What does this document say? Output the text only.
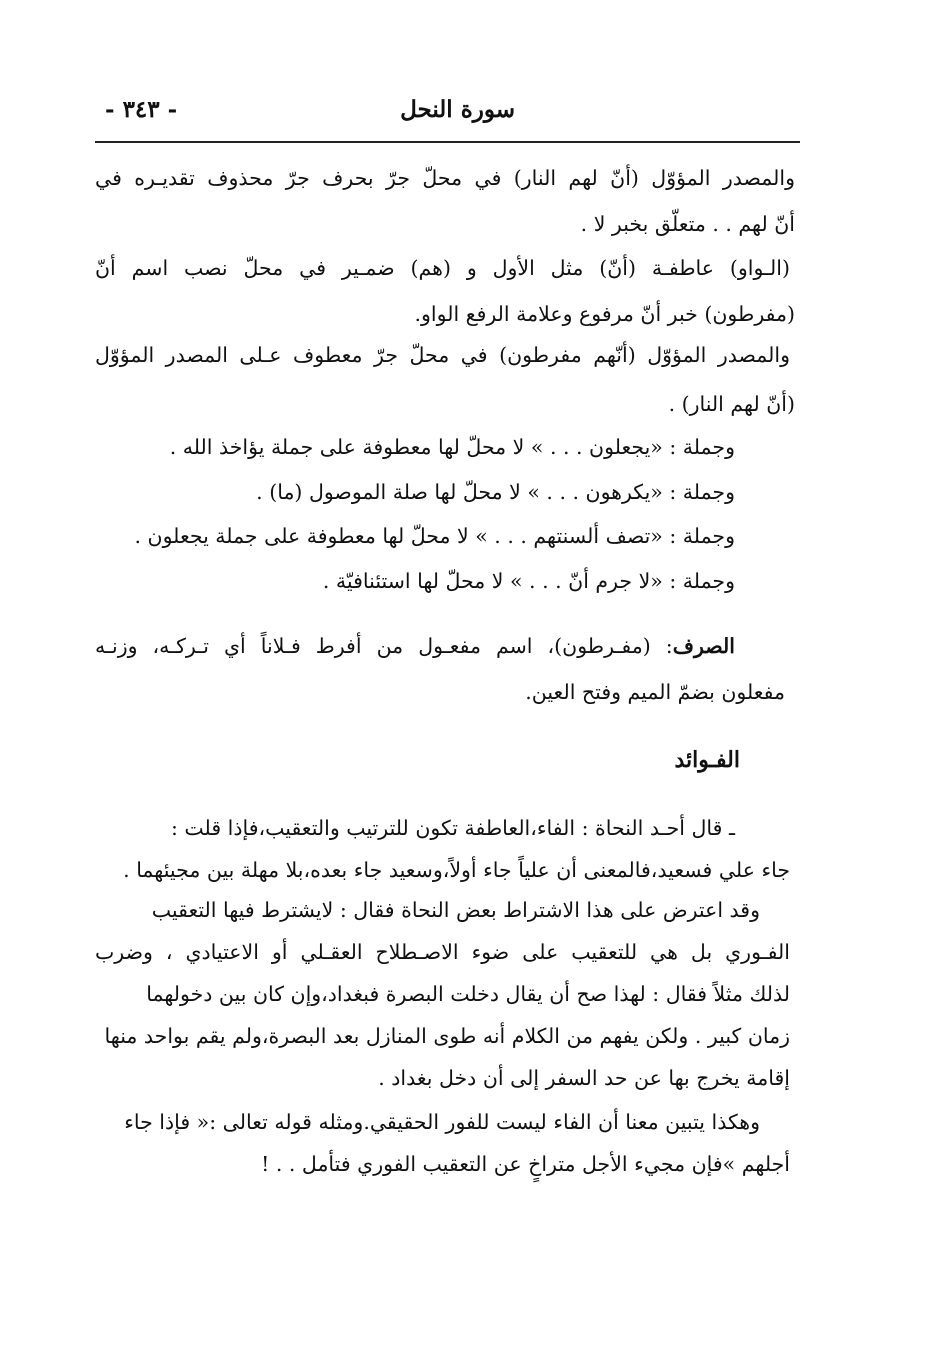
سورة النحل
- ٣٤٣ -
والمصدر المؤوّل (أنّ لهم النار) في محلّ جرّ بحرف جرّ محذوف تقديـره في
أنّ لهم . . متعلّق بخبر لا .
(الـواو) عاطفـة (أنّ) مثل الأول و (هم) ضمـير في محلّ نصب اسم أنّ
(مفرطون) خبر أنّ مرفوع وعلامة الرفع الواو.
والمصدر المؤوّل (أنّهم مفرطون) في محلّ جرّ معطوف عـلى المصدر المؤوّل
(أنّ لهم النار) .
وجملة : «يجعلون . . . » لا محلّ لها معطوفة على جملة يؤاخذ الله .
وجملة : «يكرهون . . . » لا محلّ لها صلة الموصول (ما) .
وجملة : «تصف ألسنتهم . . . » لا محلّ لها معطوفة على جملة يجعلون .
وجملة : «لا جرم أنّ . . . » لا محلّ لها استئنافيّة .
الصرف: (مفـرطون)، اسم مفعـول من أفرط فـلاناً أي تـركـه، وزنـه
مفعلون بضمّ الميم وفتح العين.
الفـوائد
ـ قال أحـد النحاة : الفاء،العاطفة تكون للترتيب والتعقيب،فإذا قلت :
جاء علي فسعيد،فالمعنى أن علياً جاء أولاً،وسعيد جاء بعده،بلا مهلة بين مجيئهما .
وقد اعترض على هذا الاشتراط بعض النحاة فقال : لايشترط فيها التعقيب
الفـوري بل هي للتعقيب على ضوء الاصـطلاح العقـلي أو الاعتيادي ، وضرب
لذلك مثلاً فقال : لهذا صح أن يقال دخلت البصرة فبغداد،وإن كان بين دخولهما
زمان كبير . ولكن يفهم من الكلام أنه طوى المنازل بعد البصرة،ولم يقم بواحد منها
إقامة يخرج بها عن حد السفر إلى أن دخل بغداد .
وهكذا يتبين معنا أن الفاء ليست للفور الحقيقي.ومثله قوله تعالى :« فإذا جاء
أجلهم »فإن مجيء الأجل متراخٍ عن التعقيب الفوري فتأمل . . !
